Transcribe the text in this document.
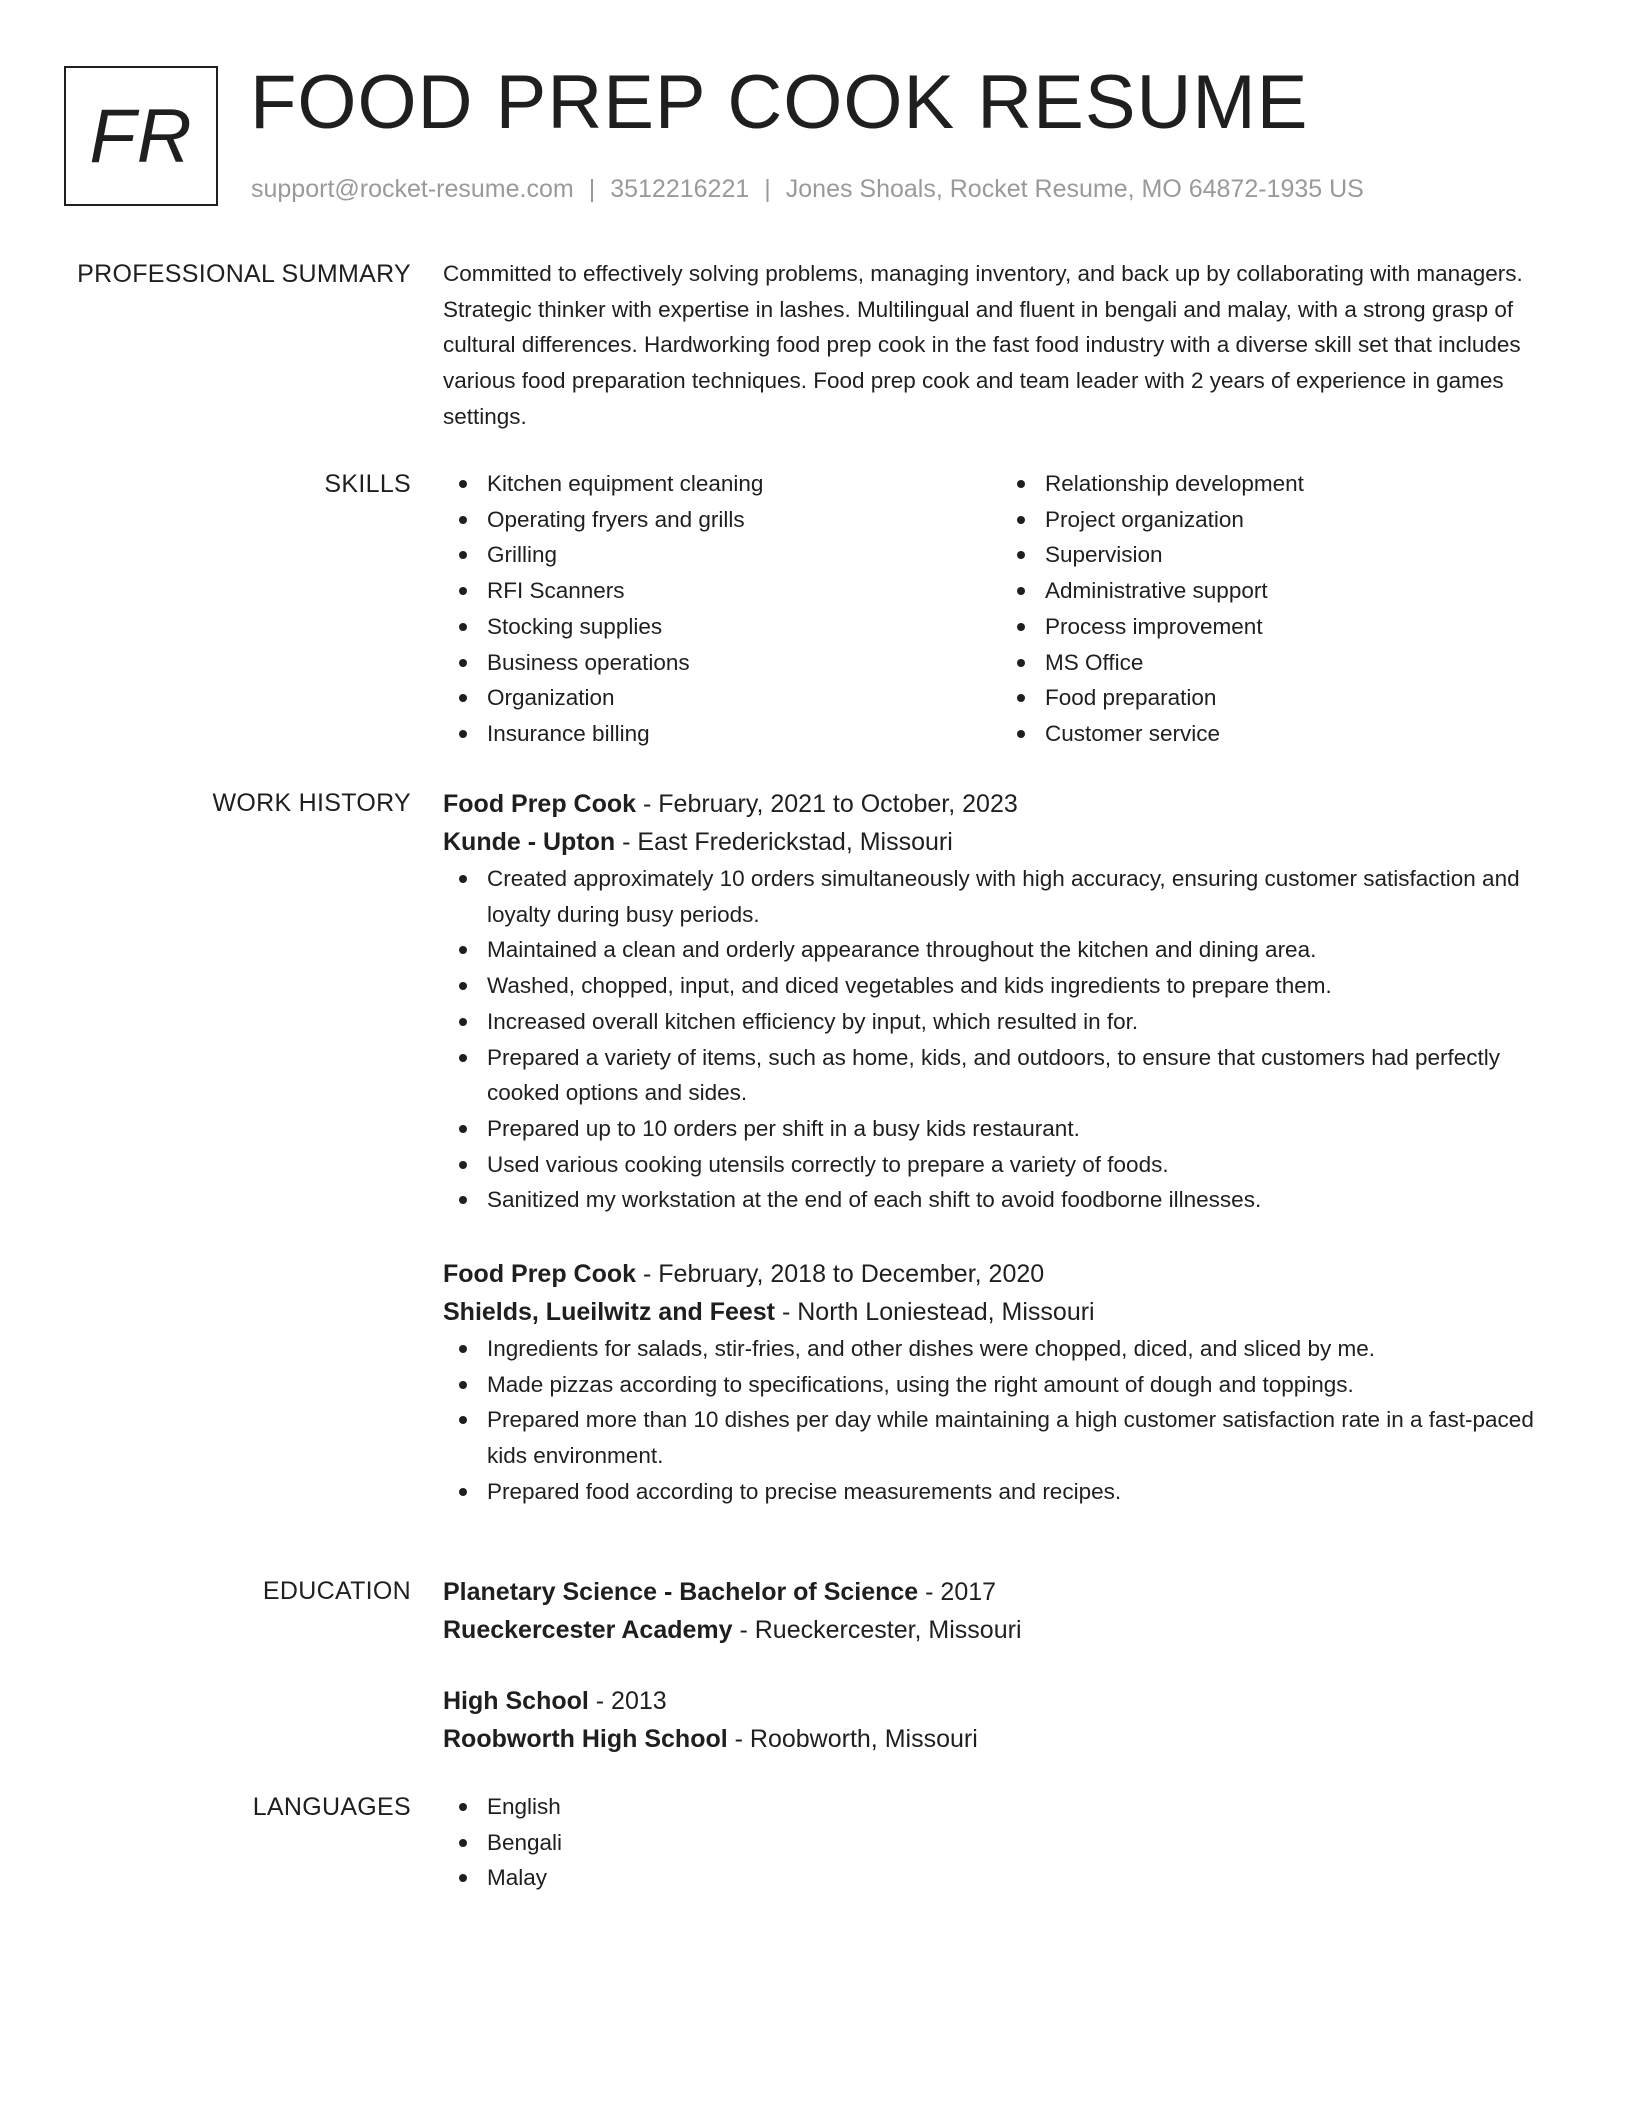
FR FOOD PREP COOK RESUME
support@rocket-resume.com | 3512216221 | Jones Shoals, Rocket Resume, MO 64872-1935 US
PROFESSIONAL SUMMARY Committed to effectively solving problems, managing inventory, and back up by collaborating with managers. Strategic thinker with expertise in lashes. Multilingual and fluent in bengali and malay, with a strong grasp of cultural differences. Hardworking food prep cook in the fast food industry with a diverse skill set that includes various food preparation techniques. Food prep cook and team leader with 2 years of experience in games settings.

SKILLS	Kitchen equipment cleaning
Operating fryers and grills
Grilling
RFI Scanners
Stocking supplies
Business operations
Organization
Insurance billing
Relationship development
Project organization
Supervision
Administrative support
Process improvement
MS Office
Food preparation
Customer service
WORK HISTORY Food Prep Cook - February, 2021 to October, 2023
Kunde - Upton - East Frederickstad, Missouri
Created approximately 10 orders simultaneously with high accuracy, ensuring customer satisfaction and loyalty during busy periods.
Maintained a clean and orderly appearance throughout the kitchen and dining area.
Washed, chopped, input, and diced vegetables and kids ingredients to prepare them.
Increased overall kitchen efficiency by input, which resulted in for.
Prepared a variety of items, such as home, kids, and outdoors, to ensure that customers had perfectly cooked options and sides.
Prepared up to 10 orders per shift in a busy kids restaurant.
Used various cooking utensils correctly to prepare a variety of foods.
Sanitized my workstation at the end of each shift to avoid foodborne illnesses.
Food Prep Cook - February, 2018 to December, 2020
Shields, Lueilwitz and Feest - North Loniestead, Missouri
Ingredients for salads, stir-fries, and other dishes were chopped, diced, and sliced by me.
Made pizzas according to specifications, using the right amount of dough and toppings.
Prepared more than 10 dishes per day while maintaining a high customer satisfaction rate in a fast-paced kids environment.
Prepared food according to precise measurements and recipes.
EDUCATION Planetary Science - Bachelor of Science - 2017
Rueckercester Academy - Rueckercester, Missouri
High School - 2013
Roobworth High School - Roobworth, Missouri
LANGUAGES	English
Bengali
Malay
